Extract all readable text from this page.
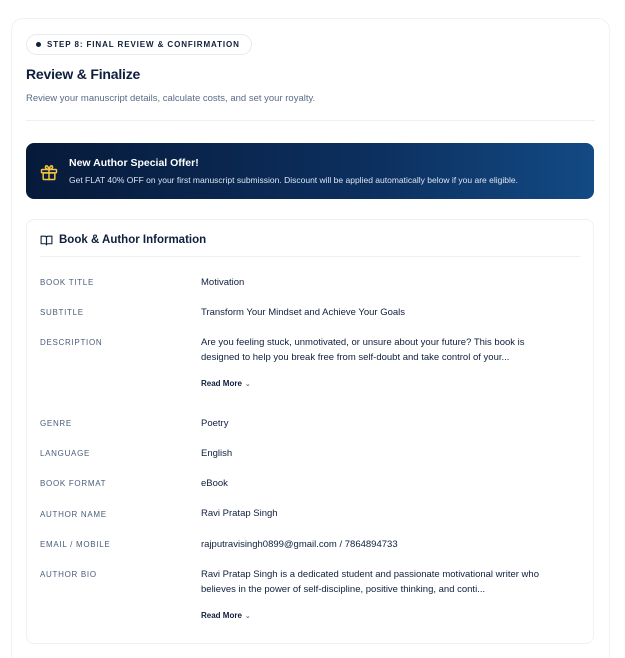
STEP 8: FINAL REVIEW & CONFIRMATION
Review & Finalize
Review your manuscript details, calculate costs, and set your royalty.
New Author Special Offer!
Get FLAT 40% OFF on your first manuscript submission. Discount will be applied automatically below if you are eligible.
Book & Author Information
BOOK TITLE	Motivation
SUBTITLE	Transform Your Mindset and Achieve Your Goals
DESCRIPTION	Are you feeling stuck, unmotivated, or unsure about your future? This book is designed to help you break free from self-doubt and take control of your...
Read More ⌄
GENRE	Poetry
LANGUAGE	English
BOOK FORMAT	eBook
AUTHOR NAME	Ravi Pratap Singh
EMAIL / MOBILE	rajputravisingh0899@gmail.com / 7864894733
AUTHOR BIO	Ravi Pratap Singh is a dedicated student and passionate motivational writer who believes in the power of self-discipline, positive thinking, and conti...
Read More ⌄
